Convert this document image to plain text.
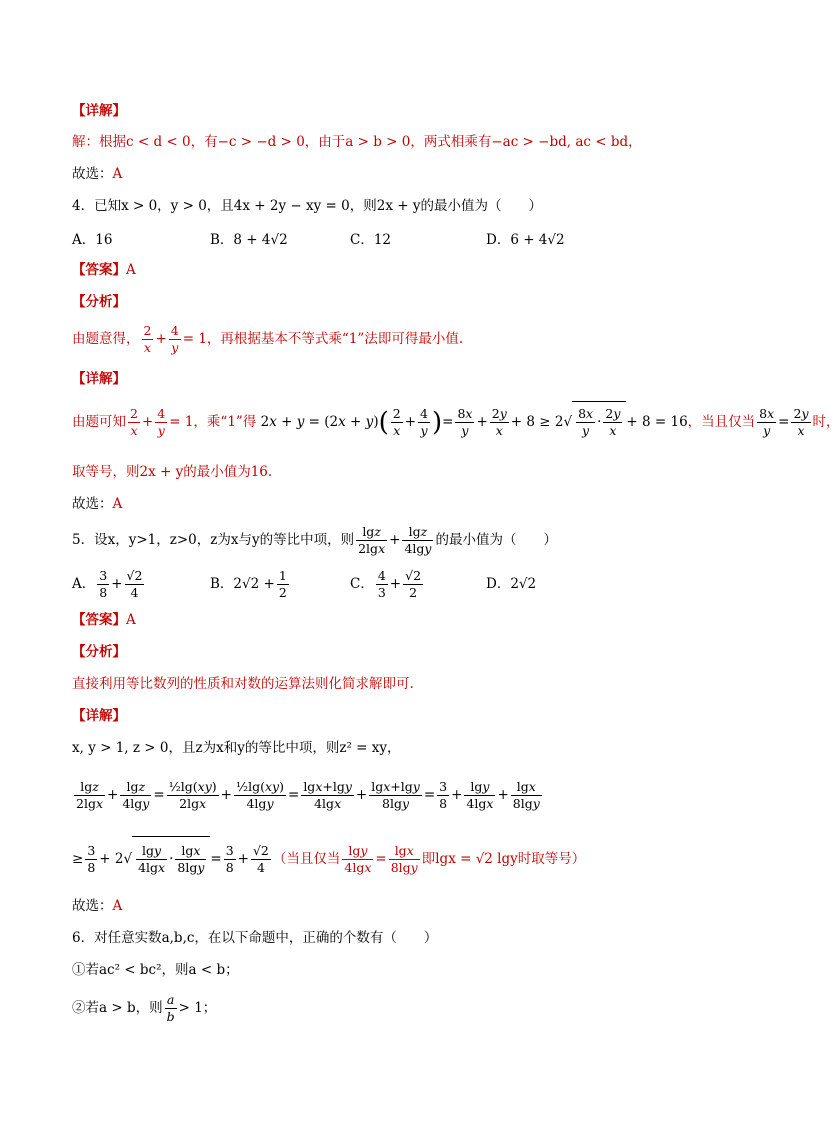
【详解】
解：根据c < d < 0，有−c > −d > 0，由于a > b > 0，两式相乘有−ac > −bd, ac < bd，
故选：A
4．已知x > 0，y > 0，且4x + 2y − xy = 0，则2x + y的最小值为（　　）
A．16	B．8 + 4√2	C．12	D．6 + 4√2
【答案】A
【分析】
由题意得， $\frac{2}{x} + \frac{4}{y} = 1$，再根据基本不等式乘“1”法即可得最小值.
【详解】
由题可知 $\frac{2}{x} + \frac{4}{y} = 1$，乘“1”得 $2x + y = (2x + y)( \frac{2}{x} + \frac{4}{y}$ )= $\frac{8x}{y} + \frac{2y}{x} + 8 \ge 2√ \frac{8x}{y} \cdot \frac{2y}{x} + 8 = 16$，当且仅当 $\frac{8x}{y} = \frac{2y}{x}$ 时，
取等号，则2x + y的最小值为16.
故选：A
5．设x，y>1，z>0，z为x与y的等比中项，则 $\frac{\lg z}{2\lg x} + \frac{\lg z}{4\lg y}$ 的最小值为（　　）
A． $\frac{3}{8} + \frac{√2}{4}$	B．$2√2 + \frac{1}{2}$	C． $\frac{4}{3} + \frac{√2}{2}$	D．2√2
【答案】A
【分析】
直接利用等比数列的性质和对数的运算法则化简求解即可.
【详解】
x, y > 1, z > 0，且z为x和y的等比中项，则z² = xy，
$\frac{\lg z}{2\lg x} + \frac{\lg z}{4\lg y} = \frac{\text{½lg(xy)}}{2\lg x} + \frac{\text{½lg(xy)}}{4\lg y} = \frac{\lg x+\lg y}{4\lg x} + \frac{\lg x+\lg y}{8\lg y} = \frac{3}{8} + \frac{\lg y}{4\lg x} + \frac{\lg x}{8\lg y}$
≥ $\frac{3}{8} + 2√ \frac{\lg y}{4\lg x} \cdot \frac{\lg x}{8\lg y} = \frac{3}{8} + \frac{√2}{4}$ （当且仅当 $\frac{\lg y}{4\lg x} = \frac{\lg x}{8\lg y}$ 即lgx = √2 lgy时取等号）
故选：A
6．对任意实数a,b,c，在以下命题中，正确的个数有（　　）
①若ac² < bc²，则a < b；
②若a > b，则 $\frac{a}{b} > 1$；
